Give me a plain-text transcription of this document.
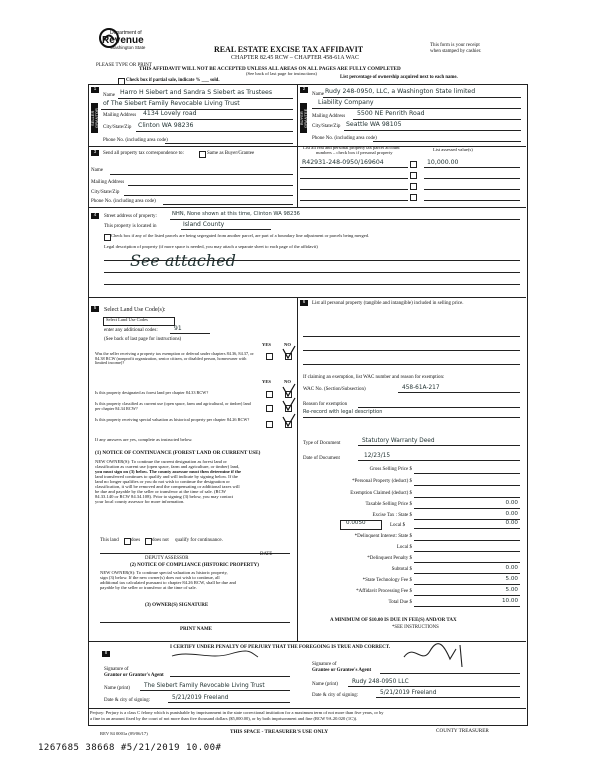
Department of
Revenue
Washington State	REAL ESTATE EXCISE TAX AFFIDAVIT
CHAPTER 82.45 RCW – CHAPTER 458-61A WAC
PLEASE TYPE OR PRINT
THIS AFFIDAVIT WILL NOT BE ACCEPTED UNLESS ALL AREAS ON ALL PAGES ARE FULLY COMPLETED
This form is your receipt
when stamped by cashier.
(See back of last page for instructions)
Check box if partial sale, indicate % ___ sold.
List percentage of ownership acquired next to each name.
1
SELLER GRANTOR
Name Harro H Siebert and Sandra S Siebert as Trustees
of The Siebert Family Revocable Living Trust
Mailing Address 4134 Lovely road
City/State/Zip Clinton WA 98236
Phone No. (including area code)
2
BUYER GRANTEE
Name Rudy 248-0950, LLC, a Washington State limited
Liability Company
Mailing Address 5500 NE Penrith Road
City/State/Zip Seattle WA 98105
Phone No. (including area code)
3	Send all property tax correspondence to:	Same as Buyer/Grantee
Name
Mailing Address
City/State/Zip
Phone No. (including area code)
List all real and personal property tax parcel account
numbers – check box if personal property
List assessed value(s)
R42931-248-0950/169604	10,000.00
4	Street address of property:	NHN, None shown at this time, Clinton WA 98236
This property is located in	Island County
Check box if any of the listed parcels are being segregated from another parcel, are part of a boundary line adjustment or parcels being merged.
Legal description of property (if more space is needed, you may attach a separate sheet to each page of the affidavit)
See attached
5	Select Land Use Code(s):
Select Land Use Codes
enter any additional codes:	91
(See back of last page for instructions)
YES	NO
Was the seller receiving a property tax exemption or deferral under chapters 84.36, 84.37, or 84.38 RCW (nonprofit organization, senior citizen, or disabled person, homeowner with limited income)?
YES	NO
Is this property designated as forest land per chapter 84.33 RCW?
Is this property classified as current use (open space, farm and agricultural, or timber) land per chapter 84.34 RCW?
Is this property receiving special valuation as historical property per chapter 84.26 RCW?
If any answers are yes, complete as instructed below.
(1) NOTICE OF CONTINUANCE (FOREST LAND OR CURRENT USE)
NEW OWNER(S): To continue the current designation as forest land or
classification as current use (open space, farm and agriculture, or timber) land,
you must sign on (3) below. The county assessor must then determine if the
land transferred continues to qualify and will indicate by signing below. If the
land no longer qualifies or you do not wish to continue the designation or
classification, it will be removed and the compensating or additional taxes will
be due and payable by the seller or transferor at the time of sale. (RCW
84.33.140 or RCW 84.34.108). Prior to signing (3) below, you may contact
your local county assessor for more information.
This land does does not qualify for continuance.
DEPUTY ASSESSOR
DATE
(2) NOTICE OF COMPLIANCE (HISTORIC PROPERTY)
NEW OWNER(S): To continue special valuation as historic property,
sign (3) below. If the new owner(s) does not wish to continue, all
additional tax calculated pursuant to chapter 84.26 RCW, shall be due and
payable by the seller or transferor at the time of sale.
(3) OWNER(S) SIGNATURE
PRINT NAME
6	List all personal property (tangible and intangible) included in selling price.
If claiming an exemption, list WAC number and reason for exemption:
WAC No. (Section/Subsection)	458-61A-217
Reason for exemption
Re-record with legal description
Type of Document	Statutory Warranty Deed
Date of Document	12/23/15
Gross Selling Price $
*Personal Property (deduct) $
Exemption Claimed (deduct) $
Taxable Selling Price $	0.00
Excise Tax : State $	0.00
0.0050	Local $	0.00
*Delinquent Interest: State $
Local $
*Delinquent Penalty $
Subtotal $	0.00
*State Technology Fee $	5.00
*Affidavit Processing Fee $	5.00
Total Due $	10.00
A MINIMUM OF $10.00 IS DUE IN FEE(S) AND/OR TAX
*SEE INSTRUCTIONS
8
I CERTIFY UNDER PENALTY OF PERJURY THAT THE FOREGOING IS TRUE AND CORRECT.
Signature of
Grantor or Grantor's Agent
Name (print) The Siebert Family Revocable Living Trust
Date & city of signing:	5/21/2019 Freeland
Signature of
Grantee or Grantee's Agent
Name (print) Rudy 248-0950 LLC
Date & city of signing:	5/21/2019 Freeland
Perjury: Perjury is a class C felony which is punishable by imprisonment in the state correctional institution for a maximum term of not more than five years, or by
a fine in an amount fixed by the court of not more than five thousand dollars ($5,000.00), or by both imprisonment and fine (RCW 9A.20.020 (1C)).
REV 84 0001a (09/06/17)	THIS SPACE - TREASURER'S USE ONLY	COUNTY TREASURER
1267685 38668 #5/21/2019 10.00#
